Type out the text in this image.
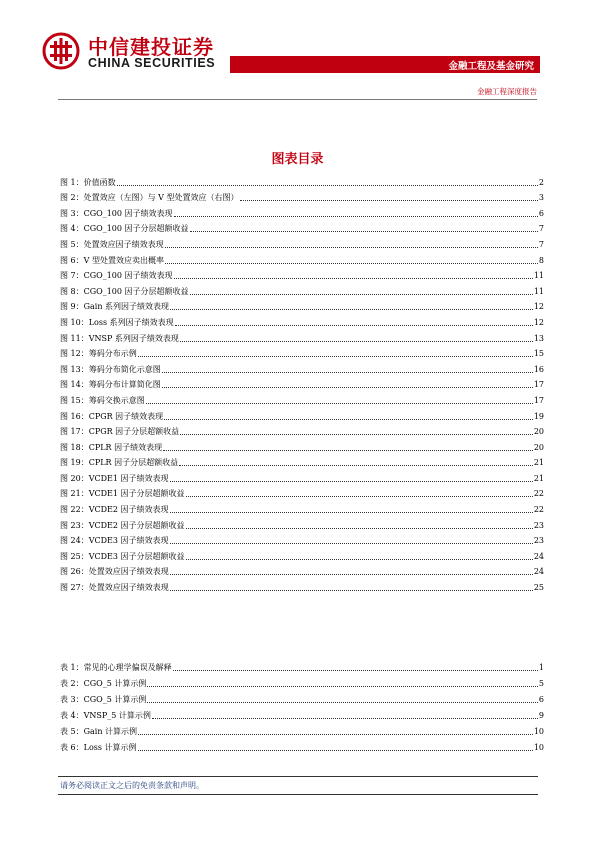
中信建投证券
CHINA SECURITIES	金融工程及基金研究
金融工程深度报告
图表目录
图 1：价值函数	2
图 2：处置效应（左图）与 V 型处置效应（右图）	3
图 3：CGO_100 因子绩效表现	6
图 4：CGO_100 因子分层超额收益	7
图 5：处置效应因子绩效表现	7
图 6：V 型处置效应卖出概率	8
图 7：CGO_100 因子绩效表现	11
图 8：CGO_100 因子分层超额收益	11
图 9：Gain 系列因子绩效表现	12
图 10：Loss 系列因子绩效表现	12
图 11：VNSP 系列因子绩效表现	13
图 12：筹码分布示例	15
图 13：筹码分布简化示意图	16
图 14：筹码分布计算简化图	17
图 15：筹码交换示意图	17
图 16：CPGR 因子绩效表现	19
图 17：CPGR 因子分层超额收益	20
图 18：CPLR 因子绩效表现	20
图 19：CPLR 因子分层超额收益	21
图 20：VCDE1 因子绩效表现	21
图 21：VCDE1 因子分层超额收益	22
图 22：VCDE2 因子绩效表现	22
图 23：VCDE2 因子分层超额收益	23
图 24：VCDE3 因子绩效表现	23
图 25：VCDE3 因子分层超额收益	24
图 26：处置效应因子绩效表现	24
图 27：处置效应因子绩效表现	25
表 1：常见的心理学偏误及解释	1
表 2：CGO_5 计算示例	5
表 3：CGO_5 计算示例	6
表 4：VNSP_5 计算示例	9
表 5：Gain 计算示例	10
表 6：Loss 计算示例	10
请务必阅读正文之后的免责条款和声明。
